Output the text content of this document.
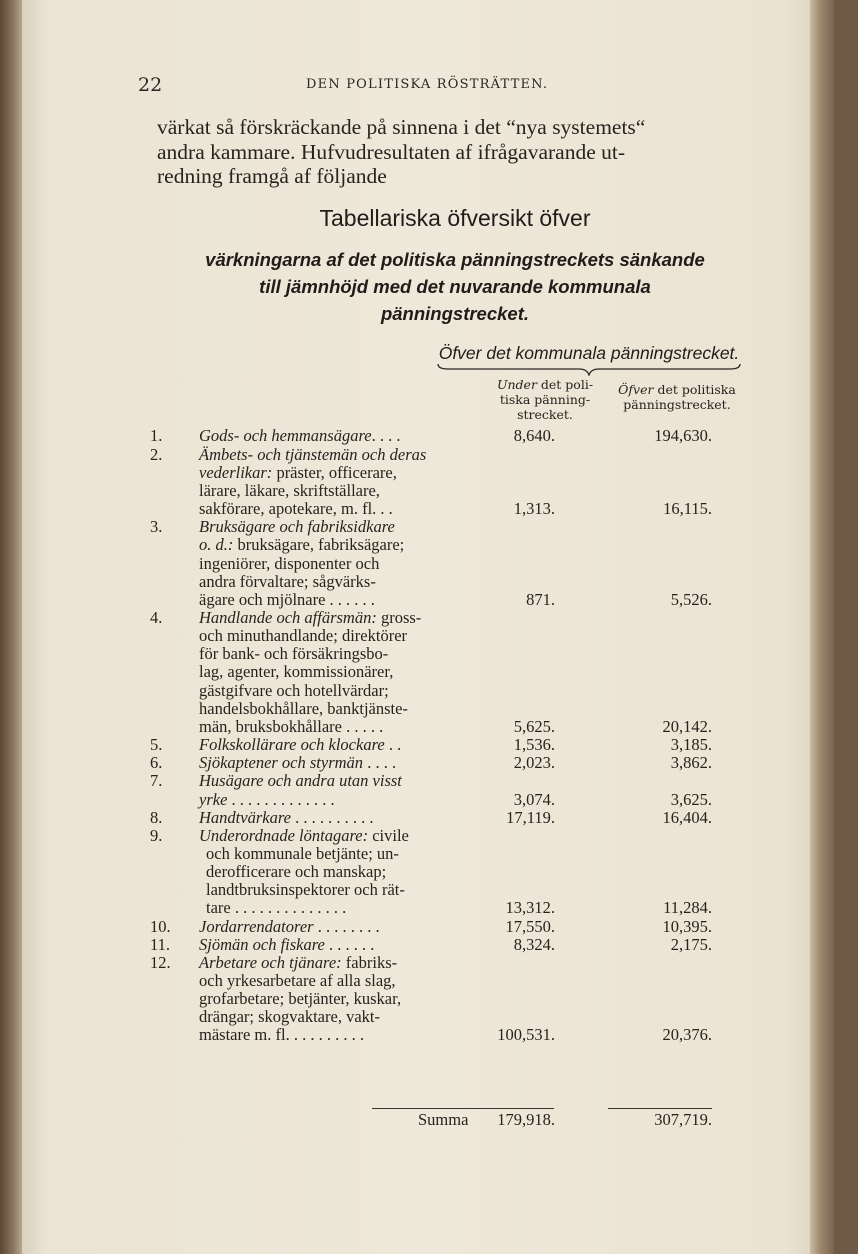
22	DEN POLITISKA RÖSTRÄTTEN.
värkat så förskräckande på sinnena i det “nya systemets“
andra kammare. Hufvudresultaten af ifrågavarande ut-
redning framgå af följande
Tabellariska öfversikt öfver
värkningarna af det politiska pänningstreckets sänkande
till jämnhöjd med det nuvarande kommunala
pänningstrecket.
Öfver det kommunala pänningstrecket.
Under det poli-
tiska pänning-
strecket.
Öfver det politiska
pänningstrecket.
1.	Gods- och hemmansägare. . . .	8,640.	194,630.
2.	Ämbets- och tjänstemän och deras
vederlikar: präster, officerare,
lärare, läkare, skriftställare,
sakförare, apotekare, m. fl. . .	1,313.	16,115.
3.	Bruksägare och fabriksidkare
o. d.: bruksägare, fabriksägare;
ingeniörer, disponenter och
andra förvaltare; sågvärks-
ägare och mjölnare . . . . . .	871.	5,526.
4.	Handlande och affärsmän: gross-
och minuthandlande; direktörer
för bank- och försäkringsbo-
lag, agenter, kommissionärer,
gästgifvare och hotellvärdar;
handelsbokhållare, banktjänste-
män, bruksbokhållare . . . . .	5,625.	20,142.
5.	Folkskollärare och klockare . .	1,536.	3,185.
6.	Sjökaptener och styrmän . . . .	2,023.	3,862.
7.	Husägare och andra utan visst
yrke . . . . . . . . . . . . .	3,074.	3,625.
8.	Handtvärkare . . . . . . . . . .	17,119.	16,404.
9.	Underordnade löntagare: civile
och kommunale betjänte; un-
derofficerare och manskap;
landtbruksinspektorer och rät-
tare . . . . . . . . . . . . . .	13,312.	11,284.
10.	Jordarrendatorer . . . . . . . .	17,550.	10,395.
11.	Sjömän och fiskare . . . . . .	8,324.	2,175.
12.	Arbetare och tjänare: fabriks-
och yrkesarbetare af alla slag,
grofarbetare; betjänter, kuskar,
drängar; skogvaktare, vakt-
mästare m. fl. . . . . . . . . .	100,531.	20,376.
Summa 179,918.	307,719.
